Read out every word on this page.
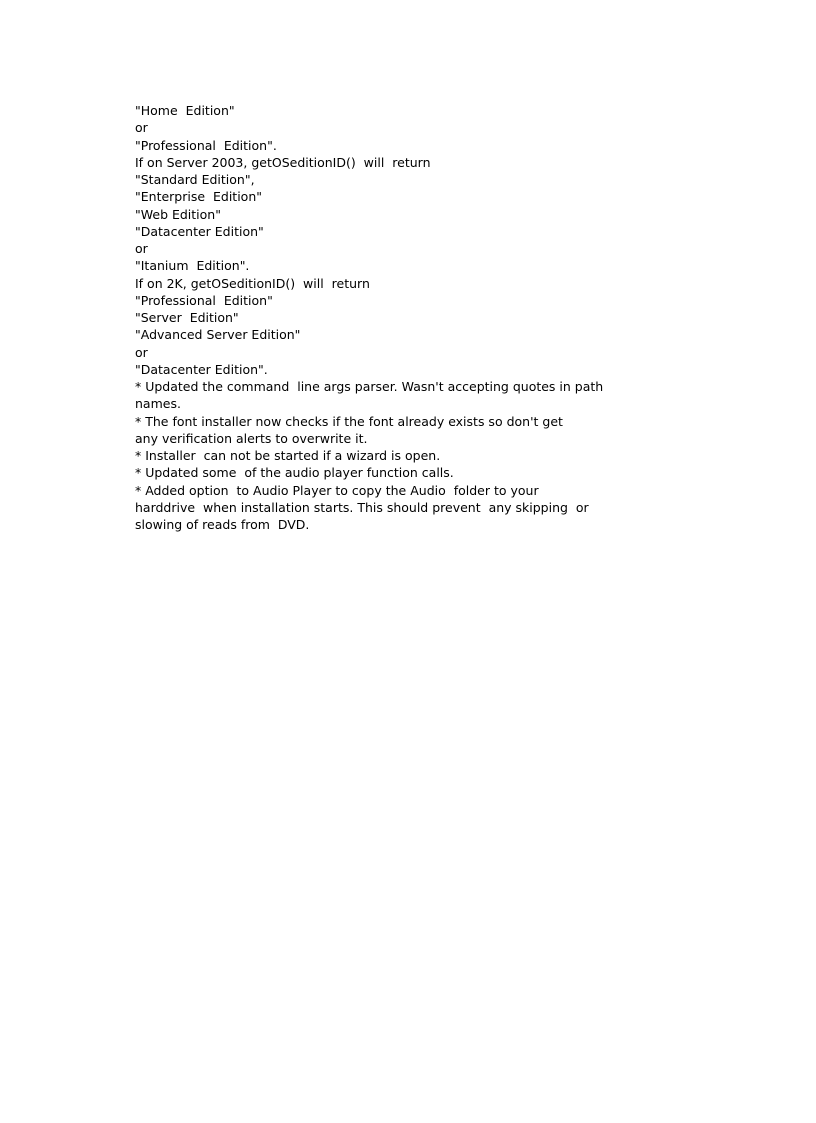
"Home  Edition"
or
"Professional  Edition".
If on Server 2003, getOSeditionID()  will  return
"Standard Edition",
"Enterprise  Edition"
"Web Edition"
"Datacenter Edition"
or
"Itanium  Edition".
If on 2K, getOSeditionID()  will  return
"Professional  Edition"
"Server  Edition"
"Advanced Server Edition"
or
"Datacenter Edition".
* Updated the command  line args parser. Wasn't accepting quotes in path
names.
* The font installer now checks if the font already exists so don't get
any verification alerts to overwrite it.
* Installer  can not be started if a wizard is open.
* Updated some  of the audio player function calls.
* Added option  to Audio Player to copy the Audio  folder to your
harddrive  when installation starts. This should prevent  any skipping  or
slowing of reads from  DVD.
